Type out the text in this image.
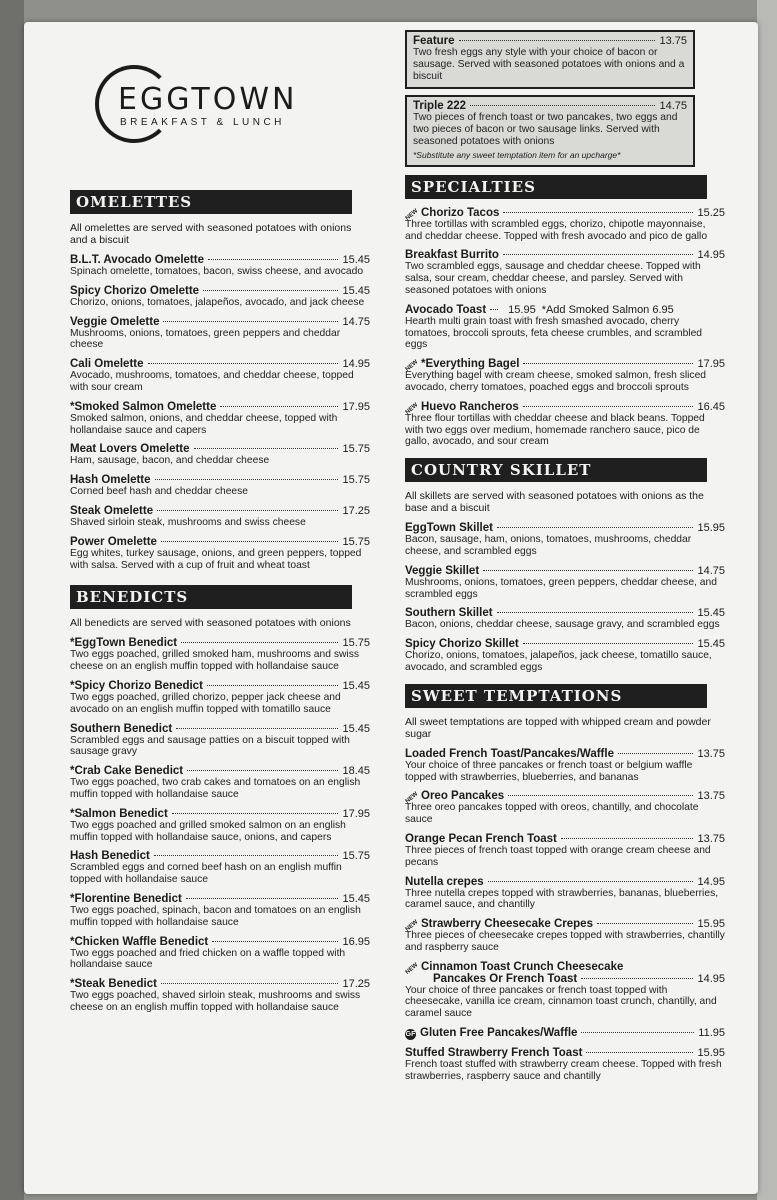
EGGTOWN
BREAKFAST & LUNCH
OMELETTES
All omelettes are served with seasoned potatoes with onions and a biscuit
B.L.T. Avocado Omelette	15.45
Spinach omelette, tomatoes, bacon, swiss cheese, and avocado
Spicy Chorizo Omelette	15.45
Chorizo, onions, tomatoes, jalapeños, avocado, and jack cheese
Veggie Omelette	14.75
Mushrooms, onions, tomatoes, green peppers and cheddar cheese
Cali Omelette	14.95
Avocado, mushrooms, tomatoes, and cheddar cheese, topped with sour cream
*Smoked Salmon Omelette	17.95
Smoked salmon, onions, and cheddar cheese, topped with hollandaise sauce and capers
Meat Lovers Omelette	15.75
Ham, sausage, bacon, and cheddar cheese
Hash Omelette	15.75
Corned beef hash and cheddar cheese
Steak Omelette	17.25
Shaved sirloin steak, mushrooms and swiss cheese
Power Omelette	15.75
Egg whites, turkey sausage, onions, and green peppers, topped with salsa. Served with a cup of fruit and wheat toast
BENEDICTS
All benedicts are served with seasoned potatoes with onions
*EggTown Benedict	15.75
Two eggs poached, grilled smoked ham, mushrooms and swiss cheese on an english muffin topped with hollandaise sauce
*Spicy Chorizo Benedict	15.45
Two eggs poached, grilled chorizo, pepper jack cheese and avocado on an english muffin topped with tomatillo sauce
Southern Benedict	15.45
Scrambled eggs and sausage patties on a biscuit topped with sausage gravy
*Crab Cake Benedict	18.45
Two eggs poached, two crab cakes and tomatoes on an english muffin topped with hollandaise sauce
*Salmon Benedict	17.95
Two eggs poached and grilled smoked salmon on an english muffin topped with hollandaise sauce, onions, and capers
Hash Benedict	15.75
Scrambled eggs and corned beef hash on an english muffin topped with hollandaise sauce
*Florentine Benedict	15.45
Two eggs poached, spinach, bacon and tomatoes on an english muffin topped with hollandaise sauce
*Chicken Waffle Benedict	16.95
Two eggs poached and fried chicken on a waffle topped with hollandaise sauce
*Steak Benedict	17.25
Two eggs poached, shaved sirloin steak, mushrooms and swiss cheese on an english muffin topped with hollandaise sauce
Feature	13.75
Two fresh eggs any style with your choice of bacon or sausage. Served with seasoned potatoes with onions and a biscuit
Triple 222	14.75
Two pieces of french toast or two pancakes, two eggs and two pieces of bacon or two sausage links. Served with seasoned potatoes with onions
*Substitute any sweet temptation item for an upcharge*
SPECIALTIES
NEW Chorizo Tacos	15.25
Three tortillas with scrambled eggs, chorizo, chipotle mayonnaise, and cheddar cheese. Topped with fresh avocado and pico de gallo
Breakfast Burrito	14.95
Two scrambled eggs, sausage and cheddar cheese. Topped with salsa, sour cream, cheddar cheese, and parsley. Served with seasoned potatoes with onions
Avocado Toast 15.95 *Add Smoked Salmon 6.95
Hearth multi grain toast with fresh smashed avocado, cherry tomatoes, broccoli sprouts, feta cheese crumbles, and scrambled eggs
NEW *Everything Bagel	17.95
Everything bagel with cream cheese, smoked salmon, fresh sliced avocado, cherry tomatoes, poached eggs and broccoli sprouts
NEW Huevo Rancheros	16.45
Three flour tortillas with cheddar cheese and black beans. Topped with two eggs over medium, homemade ranchero sauce, pico de gallo, avocado, and sour cream
COUNTRY SKILLET
All skillets are served with seasoned potatoes with onions as the base and a biscuit
EggTown Skillet	15.95
Bacon, sausage, ham, onions, tomatoes, mushrooms, cheddar cheese, and scrambled eggs
Veggie Skillet	14.75
Mushrooms, onions, tomatoes, green peppers, cheddar cheese, and scrambled eggs
Southern Skillet	15.45
Bacon, onions, cheddar cheese, sausage gravy, and scrambled eggs
Spicy Chorizo Skillet	15.45
Chorizo, onions, tomatoes, jalapeños, jack cheese, tomatillo sauce, avocado, and scrambled eggs
SWEET TEMPTATIONS
All sweet temptations are topped with whipped cream and powder sugar
Loaded French Toast/Pancakes/Waffle	13.75
Your choice of three pancakes or french toast or belgium waffle topped with strawberries, blueberries, and bananas
NEW Oreo Pancakes	13.75
Three oreo pancakes topped with oreos, chantilly, and chocolate sauce
Orange Pecan French Toast	13.75
Three pieces of french toast topped with orange cream cheese and pecans
Nutella crepes	14.95
Three nutella crepes topped with strawberries, bananas, blueberries, caramel sauce, and chantilly
NEW Strawberry Cheesecake Crepes	15.95
Three pieces of cheesecake crepes topped with strawberries, chantilly and raspberry sauce
NEW Cinnamon Toast Crunch Cheesecake
Pancakes Or French Toast	14.95
Your choice of three pancakes or french toast topped with cheesecake, vanilla ice cream, cinnamon toast crunch, chantilly, and caramel sauce
GF Gluten Free Pancakes/Waffle	11.95
Stuffed Strawberry French Toast	15.95
French toast stuffed with strawberry cream cheese. Topped with fresh strawberries, raspberry sauce and chantilly
